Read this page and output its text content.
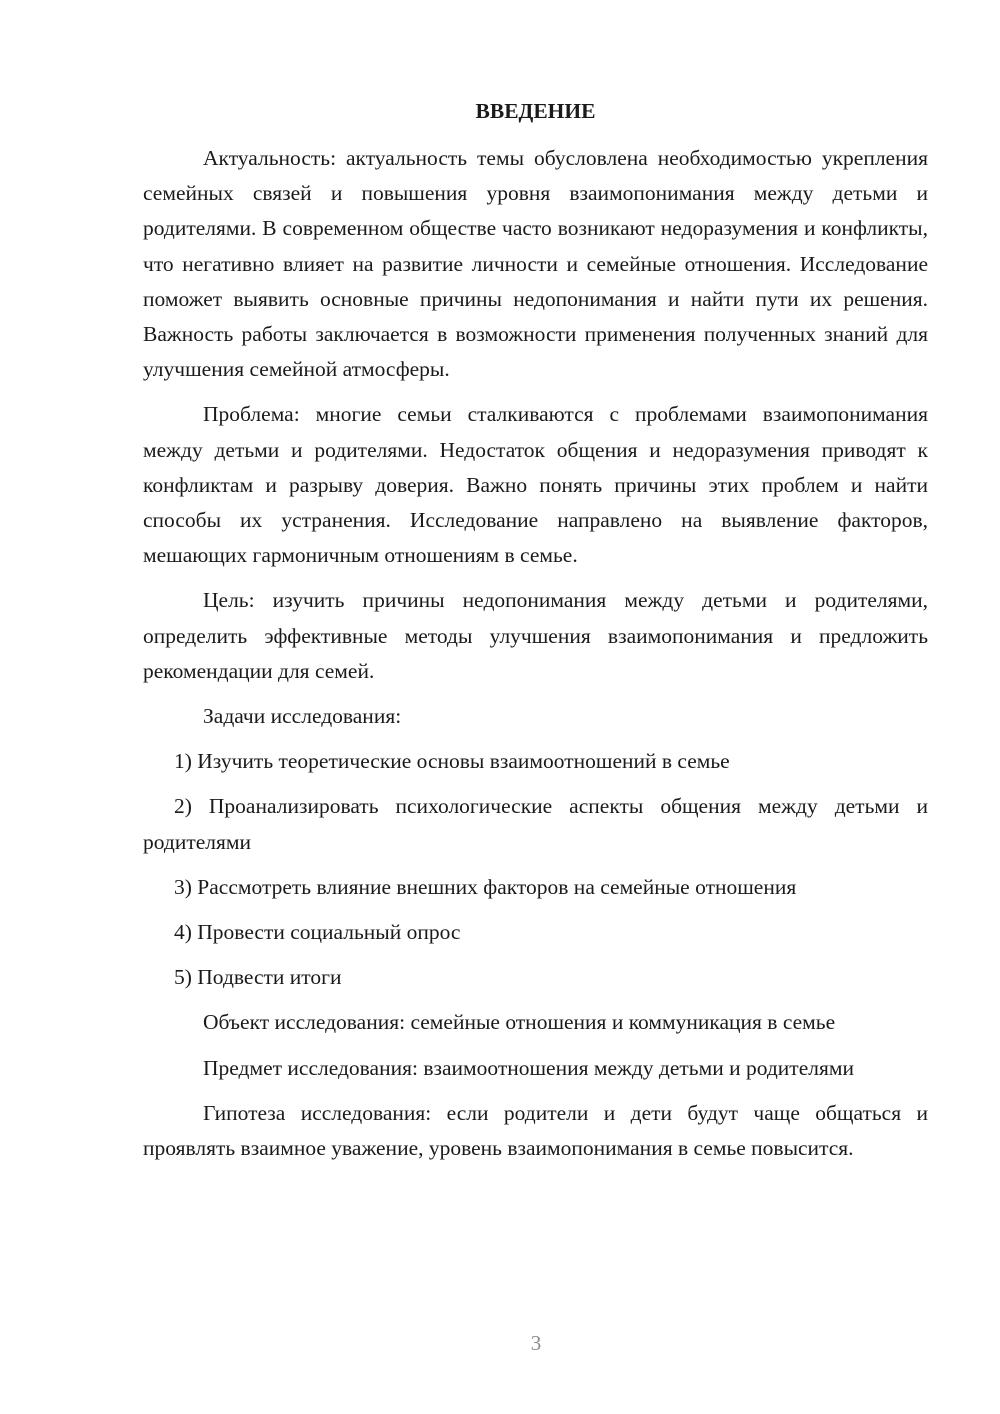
ВВЕДЕНИЕ

Актуальность: актуальность темы обусловлена необходимостью укрепления семейных связей и повышения уровня взаимопонимания между детьми и родителями. В современном обществе часто возникают недоразумения и конфликты, что негативно влияет на развитие личности и семейные отношения. Исследование поможет выявить основные причины недопонимания и найти пути их решения. Важность работы заключается в возможности применения полученных знаний для улучшения семейной атмосферы.

Проблема: многие семьи сталкиваются с проблемами взаимопонимания между детьми и родителями. Недостаток общения и недоразумения приводят к конфликтам и разрыву доверия. Важно понять причины этих проблем и найти способы их устранения. Исследование направлено на выявление факторов, мешающих гармоничным отношениям в семье.

Цель: изучить причины недопонимания между детьми и родителями, определить эффективные методы улучшения взаимопонимания и предложить рекомендации для семей.

Задачи исследования:

1) Изучить теоретические основы взаимоотношений в семье

2) Проанализировать психологические аспекты общения между детьми и родителями

3) Рассмотреть влияние внешних факторов на семейные отношения

4) Провести социальный опрос

5) Подвести итоги

Объект исследования: семейные отношения и коммуникация в семье

Предмет исследования: взаимоотношения между детьми и родителями

Гипотеза исследования: если родители и дети будут чаще общаться и проявлять взаимное уважение, уровень взаимопонимания в семье повысится.

3
